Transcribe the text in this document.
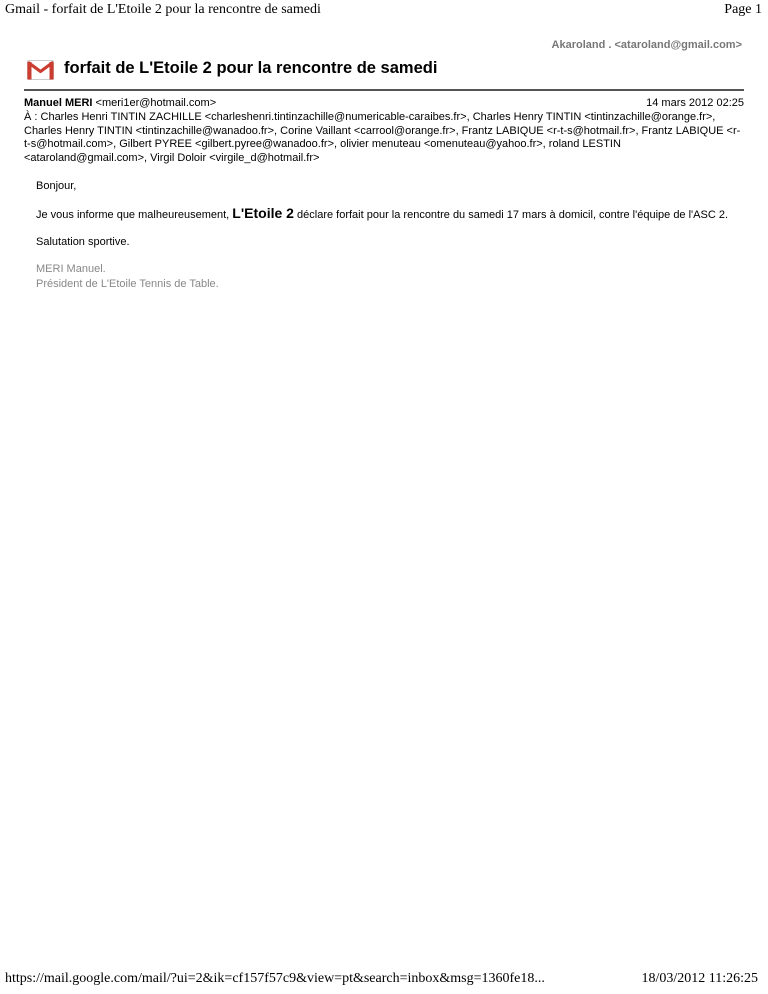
Gmail - forfait de L'Etoile 2 pour la rencontre de samedi	Page 1
Akaroland . <ataroland@gmail.com>
forfait de L'Etoile 2 pour la rencontre de samedi
Manuel MERI <meri1er@hotmail.com>	14 mars 2012 02:25

À : Charles Henri TINTIN ZACHILLE <charleshenri.tintinzachille@numericable-caraibes.fr>, Charles Henry TINTIN <tintinzachille@orange.fr>, Charles Henry TINTIN <tintinzachille@wanadoo.fr>, Corine Vaillant <carrool@orange.fr>, Frantz LABIQUE <r-t-s@hotmail.fr>, Frantz LABIQUE <r-t-s@hotmail.com>, Gilbert PYREE <gilbert.pyree@wanadoo.fr>, olivier menuteau <omenuteau@yahoo.fr>, roland LESTIN <ataroland@gmail.com>, Virgil Doloir <virgile_d@hotmail.fr>

Bonjour,

Je vous informe que malheureusement, L'Etoile 2 déclare forfait pour la rencontre du samedi 17 mars à domicil, contre l'équipe de l'ASC 2.

Salutation sportive.

MERI Manuel.
Président de L'Etoile Tennis de Table.
https://mail.google.com/mail/?ui=2&ik=cf157f57c9&view=pt&search=inbox&msg=1360fe18...	18/03/2012 11:26:25
